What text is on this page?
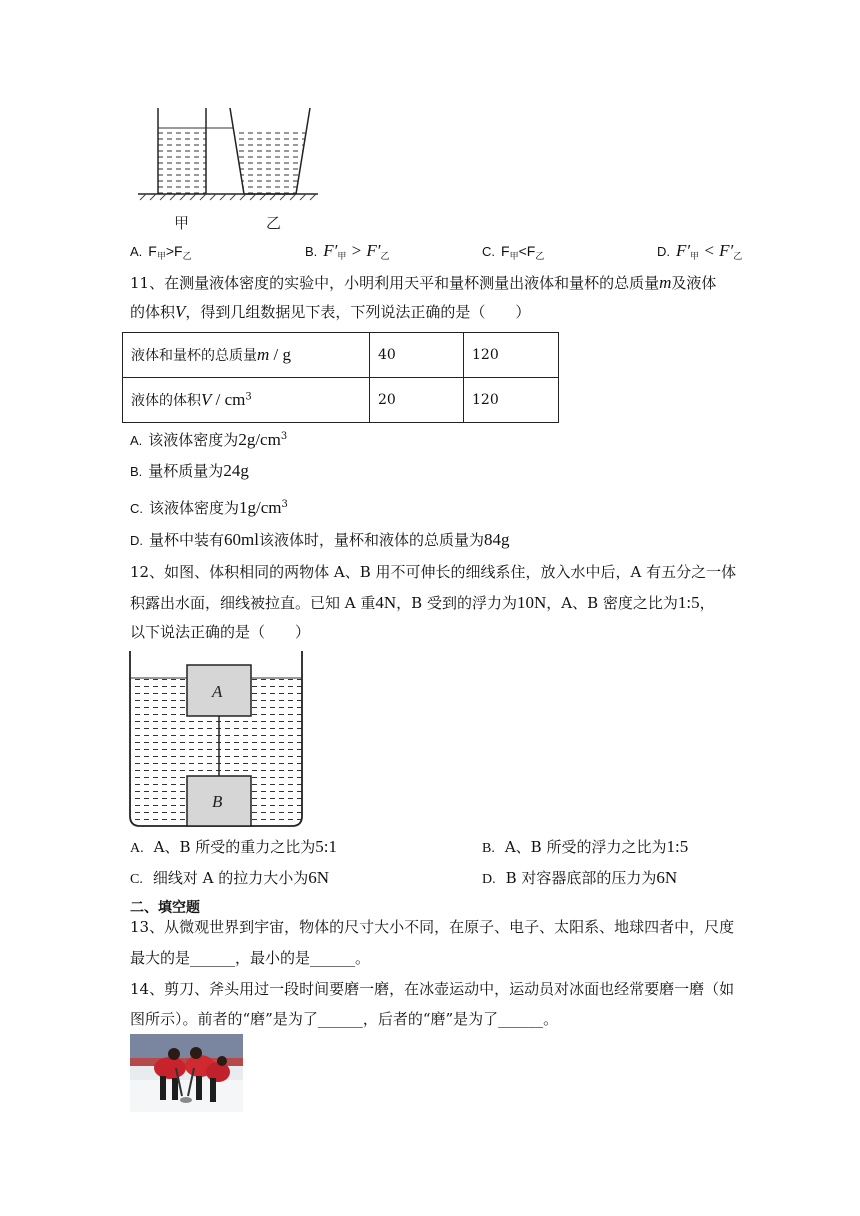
甲	乙
A. $F_甲>F_乙$	B. $F'_甲 > F'_乙$	C. $F_甲<F_乙$	D. $F'_甲 < F'_乙$
11、在测量液体密度的实验中，小明利用天平和量杯测量出液体和量杯的总质量m及液体
的体积V，得到几组数据见下表，下列说法正确的是（　　）
液体和量杯的总质量m / g	40	120
液体的体积V / $cm^3$	20	120
A. 该液体密度为$2g/cm^3$
B. 量杯质量为24g
C. 该液体密度为$1g/cm^3$
D. 量杯中装有60ml该液体时，量杯和液体的总质量为84g
12、如图、体积相同的两物体 A、B 用不可伸长的细线系住，放入水中后，A 有五分之一体
积露出水面，细线被拉直。已知 A 重4N，B 受到的浮力为10N，A、B 密度之比为1:5，
以下说法正确的是（　　）
A
B
A. A、B 所受的重力之比为5:1	B. A、B 所受的浮力之比为1:5
C. 细线对 A 的拉力大小为6N	D. B 对容器底部的压力为6N
二、填空题
13、从微观世界到宇宙，物体的尺寸大小不同，在原子、电子、太阳系、地球四者中，尺度
最大的是______，最小的是______。
14、剪刀、斧头用过一段时间要磨一磨，在冰壶运动中，运动员对冰面也经常要磨一磨（如
图所示）。前者的“磨”是为了______，后者的“磨”是为了______。
